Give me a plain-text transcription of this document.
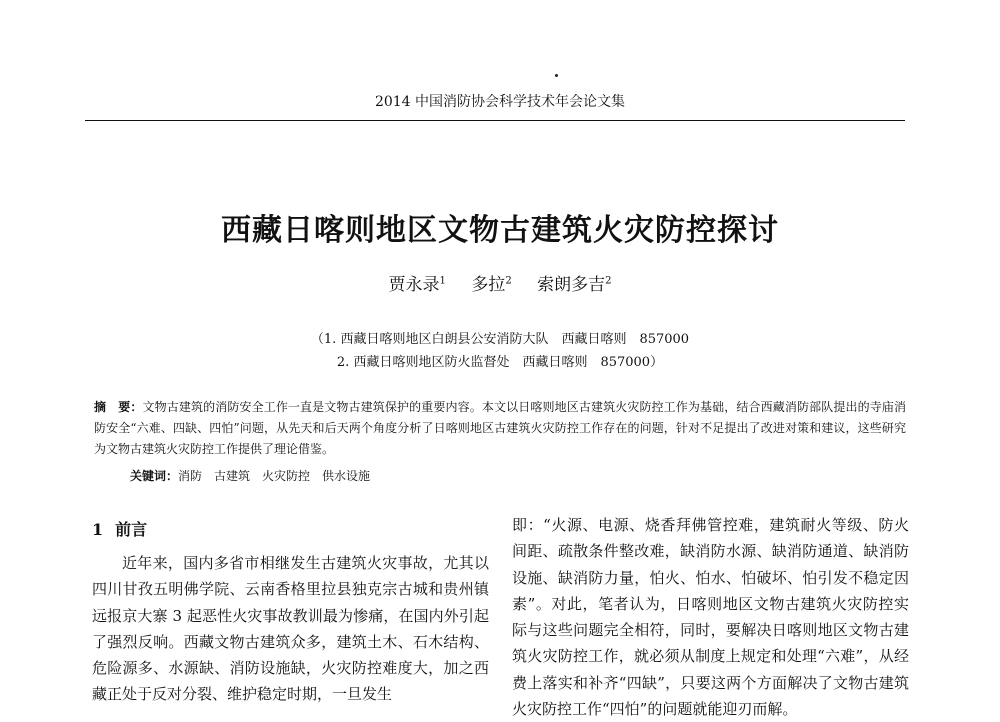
2014 中国消防协会科学技术年会论文集
西藏日喀则地区文物古建筑火灾防控探讨
贾永录$^1$ 多拉$^2$ 索朗多吉$^2$
（1. 西藏日喀则地区白朗县公安消防大队　西藏日喀则　857000
2. 西藏日喀则地区防火监督处　西藏日喀则　857000）
摘　要：文物古建筑的消防安全工作一直是文物古建筑保护的重要内容。本文以日喀则地区古建筑火灾防控工作为基础，结合西藏消防部队提出的寺庙消防安全“六难、四缺、四怕”问题，从先天和后天两个角度分析了日喀则地区古建筑火灾防控工作存在的问题，针对不足提出了改进对策和建议，这些研究为文物古建筑火灾防控工作提供了理论借鉴。
关键词：消防　古建筑　火灾防控　供水设施
1 前言

近年来，国内多省市相继发生古建筑火灾事故，尤其以四川甘孜五明佛学院、云南香格里拉县独克宗古城和贵州镇远报京大寨 3 起恶性火灾事故教训最为惨痛，在国内外引起了强烈反响。西藏文物古建筑众多，建筑土木、石木结构、危险源多、水源缺、消防设施缺，火灾防控难度大，加之西藏正处于反对分裂、维护稳定时期，一旦发生

即：“火源、电源、烧香拜佛管控难，建筑耐火等级、防火间距、疏散条件整改难，缺消防水源、缺消防通道、缺消防设施、缺消防力量，怕火、怕水、怕破坏、怕引发不稳定因素”。对此，笔者认为，日喀则地区文物古建筑火灾防控实际与这些问题完全相符，同时，要解决日喀则地区文物古建筑火灾防控工作，就必须从制度上规定和处理“六难”，从经费上落实和补齐“四缺”，只要这两个方面解决了文物古建筑火灾防控工作“四怕”的问题就能迎刃而解。
